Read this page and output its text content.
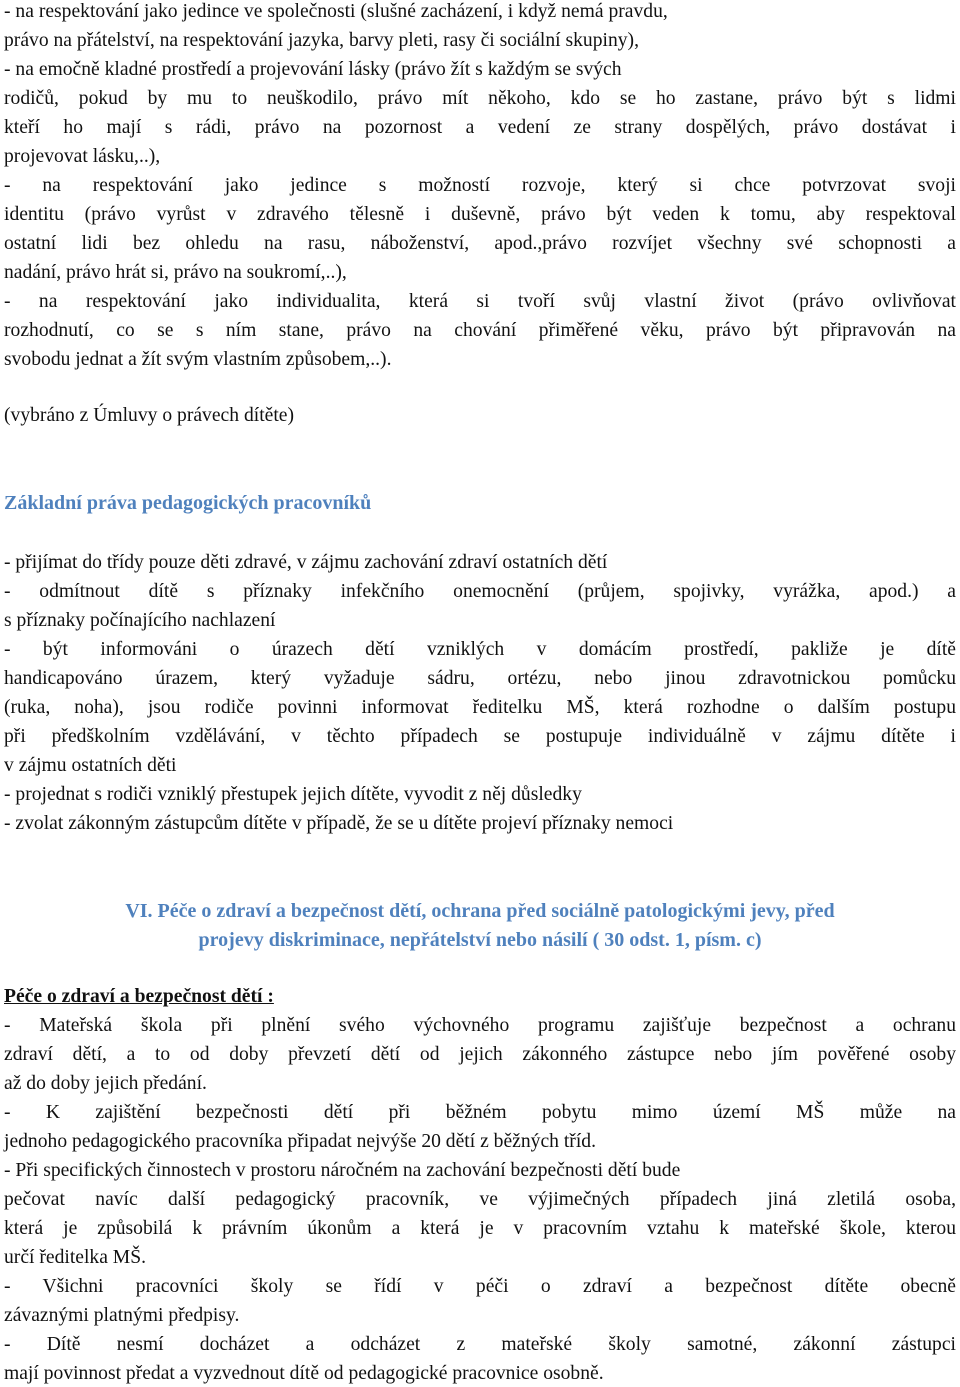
- na respektování jako jedince ve společnosti (slušné zacházení, i když nemá pravdu,
právo na přátelství, na respektování jazyka, barvy pleti, rasy či sociální skupiny),
- na emočně kladné prostředí a projevování lásky (právo žít s každým se svých
rodičů, pokud by mu to neuškodilo, právo mít někoho, kdo se ho zastane, právo být s lidmi
kteří ho mají s rádi, právo na pozornost a vedení ze strany dospělých, právo dostávat i
projevovat lásku,..),
- na respektování jako jedince s možností rozvoje, který si chce potvrzovat svoji
identitu (právo vyrůst v zdravého tělesně i duševně, právo být veden k tomu, aby respektoval
ostatní lidi bez ohledu na rasu, náboženství, apod.,právo rozvíjet všechny své schopnosti a
nadání, právo hrát si, právo na soukromí,..),
- na respektování jako individualita, která si tvoří svůj vlastní život (právo ovlivňovat
rozhodnutí, co se s ním stane, právo na chování přiměřené věku, právo být připravován na
svobodu jednat a žít svým vlastním způsobem,..).
(vybráno z Úmluvy o právech dítěte)
Základní práva pedagogických pracovníků
- přijímat do třídy pouze děti zdravé, v zájmu zachování zdraví ostatních dětí
- odmítnout dítě s příznaky infekčního onemocnění (průjem, spojivky, vyrážka, apod.) a
s příznaky počínajícího nachlazení
- být informováni o úrazech dětí vzniklých v domácím prostředí, pakliže je dítě
handicapováno úrazem, který vyžaduje sádru, ortézu, nebo jinou zdravotnickou pomůcku
(ruka, noha), jsou rodiče povinni informovat ředitelku MŠ, která rozhodne o dalším postupu
při předškolním vzdělávání, v těchto případech se postupuje individuálně v zájmu dítěte i
v zájmu ostatních děti
- projednat s rodiči vzniklý přestupek jejich dítěte, vyvodit z něj důsledky
- zvolat zákonným zástupcům dítěte v případě, že se u dítěte projeví příznaky nemoci
VI. Péče o zdraví a bezpečnost dětí, ochrana před sociálně patologickými jevy, před
projevy diskriminace, nepřátelství nebo násilí ( 30 odst. 1, písm. c)
Péče o zdraví a bezpečnost dětí :
- Mateřská škola při plnění svého výchovného programu zajišťuje bezpečnost a ochranu
zdraví dětí, a to od doby převzetí dětí od jejich zákonného zástupce nebo jím pověřené osoby
až do doby jejich předání.
- K zajištění bezpečnosti dětí při běžném pobytu mimo území MŠ může na
jednoho pedagogického pracovníka připadat nejvýše 20 dětí z běžných tříd.
- Při specifických činnostech v prostoru náročném na zachování bezpečnosti dětí bude
pečovat navíc další pedagogický pracovník, ve výjimečných případech jiná zletilá osoba,
která je způsobilá k právním úkonům a která je v pracovním vztahu k mateřské škole, kterou
určí ředitelka MŠ.
- Všichni pracovníci školy se řídí v péči o zdraví a bezpečnost dítěte obecně
závaznými platnými předpisy.
- Dítě nesmí docházet a odcházet z mateřské školy samotné, zákonní zástupci
mají povinnost předat a vyzvednout dítě od pedagogické pracovnice osobně.
